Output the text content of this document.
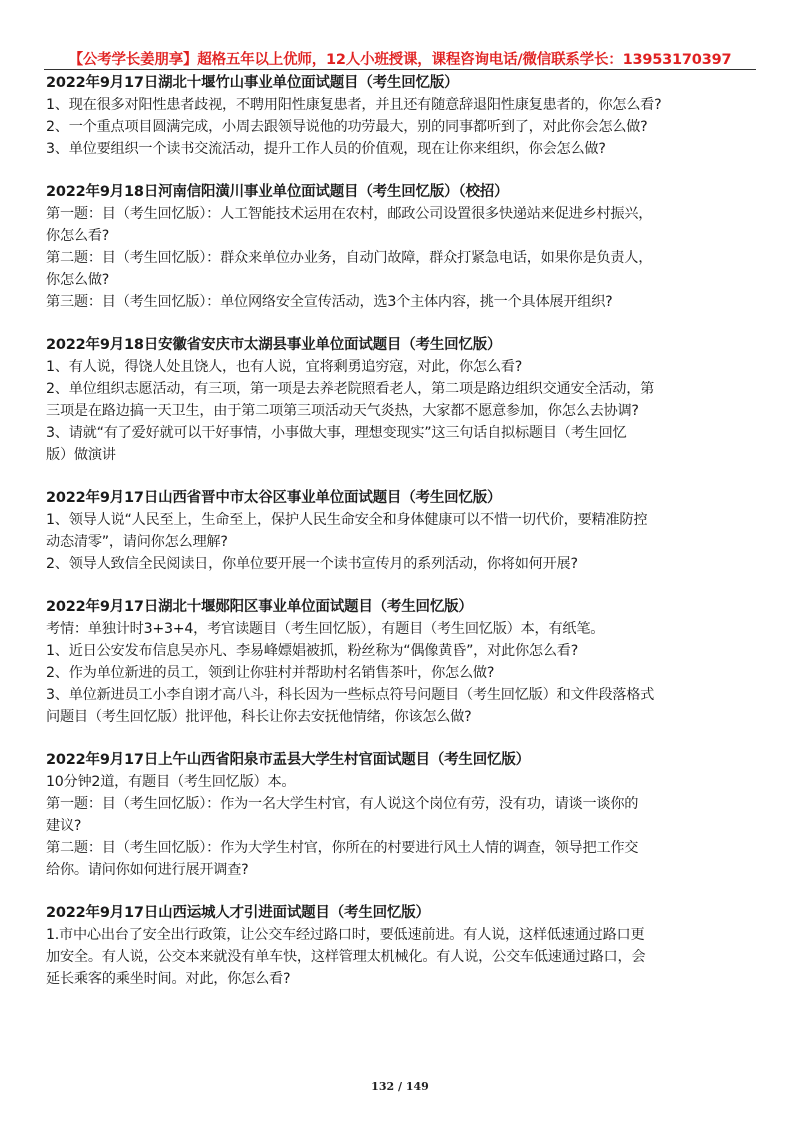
【公考学长姜朋享】超格五年以上优师，12人小班授课，课程咨询电话/微信联系学长：13953170397
2022年9月17日湖北十堰竹山事业单位面试题目（考生回忆版）
1、现在很多对阳性患者歧视，不聘用阳性康复患者，并且还有随意辞退阳性康复患者的，你怎么看?
2、一个重点项目圆满完成，小周去跟领导说他的功劳最大，别的同事都听到了，对此你会怎么做?
3、单位要组织一个读书交流活动，提升工作人员的价值观，现在让你来组织，你会怎么做?
2022年9月18日河南信阳潢川事业单位面试题目（考生回忆版）（校招）
第一题：目（考生回忆版）：人工智能技术运用在农村，邮政公司设置很多快递站来促进乡村振兴，
你怎么看?
第二题：目（考生回忆版）：群众来单位办业务，自动门故障，群众打紧急电话，如果你是负责人，
你怎么做?
第三题：目（考生回忆版）：单位网络安全宣传活动，选3个主体内容，挑一个具体展开组织?
2022年9月18日安徽省安庆市太湖县事业单位面试题目（考生回忆版）
1、有人说，得饶人处且饶人，也有人说，宜将剩勇追穷寇，对此，你怎么看?
2、单位组织志愿活动，有三项，第一项是去养老院照看老人，第二项是路边组织交通安全活动，第
三项是在路边搞一天卫生，由于第二项第三项活动天气炎热，大家都不愿意参加，你怎么去协调?
3、请就“有了爱好就可以干好事情，小事做大事，理想变现实”这三句话自拟标题目（考生回忆
版）做演讲
2022年9月17日山西省晋中市太谷区事业单位面试题目（考生回忆版）
1、领导人说“人民至上，生命至上，保护人民生命安全和身体健康可以不惜一切代价，要精准防控
动态清零”，请问你怎么理解?
2、领导人致信全民阅读日，你单位要开展一个读书宣传月的系列活动，你将如何开展?
2022年9月17日湖北十堰郧阳区事业单位面试题目（考生回忆版）
考情：单独计时3+3+4，考官读题目（考生回忆版），有题目（考生回忆版）本，有纸笔。
1、近日公安发布信息吴亦凡、李易峰嫖娼被抓，粉丝称为“偶像黄昏”，对此你怎么看?
2、作为单位新进的员工，领到让你驻村并帮助村名销售茶叶，你怎么做?
3、单位新进员工小李自诩才高八斗，科长因为一些标点符号问题目（考生回忆版）和文件段落格式
问题目（考生回忆版）批评他，科长让你去安抚他情绪，你该怎么做?
2022年9月17日上午山西省阳泉市盂县大学生村官面试题目（考生回忆版）
10分钟2道，有题目（考生回忆版）本。
第一题：目（考生回忆版）：作为一名大学生村官，有人说这个岗位有劳，没有功，请谈一谈你的
建议?
第二题：目（考生回忆版）：作为大学生村官，你所在的村要进行风土人情的调查，领导把工作交
给你。请问你如何进行展开调查?
2022年9月17日山西运城人才引进面试题目（考生回忆版）
1.市中心出台了安全出行政策，让公交车经过路口时，要低速前进。有人说，这样低速通过路口更
加安全。有人说，公交本来就没有单车快，这样管理太机械化。有人说，公交车低速通过路口，会
延长乘客的乘坐时间。对此，你怎么看?
132 / 149
